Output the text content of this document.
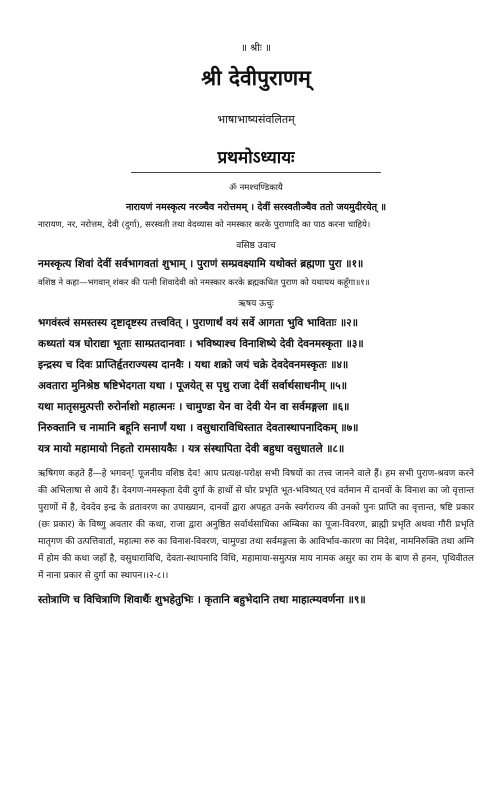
॥ श्रीः ॥
श्री देवीपुराणम्
भाषाभाष्यसंवलितम्
प्रथमोऽध्यायः
ॐ नमश्चण्डिकायै
नारायणं नमस्कृत्य नरञ्चैव नरोत्तमम् । देवीं सरस्वतीञ्चैव ततो जयमुदीरयेत् ॥
नारायण, नर, नरोत्तम, देवी (दुर्गा), सरस्वती तथा वेदव्यास को नमस्कार करके पुराणादि का पाठ करना चाहिये।
वसिष्ठ उवाच
नमस्कृत्य शिवां देवीं सर्वभागवतां शुभाम् । पुराणं सम्प्रवक्ष्यामि यथोक्तं ब्रह्मणा पुरा ॥१॥
वशिष्ठ ने कहा—भगवान् शंकर की पत्नी शिवादेवी को नमस्कार करके ब्रह्मकथित पुराण को यथायथ कहूँगा॥१॥
ऋषय ऊचुः
भगवंस्त्वं समस्तस्य दृष्टादृष्टस्य तत्त्ववित् । पुराणार्थं वयं सर्वे आगता भुवि भाविताः ॥२॥
कथ्यतां यत्र घोराद्या भूताः साम्प्रतदानवाः । भविष्याश्च विनाशिष्ये देवी देवनमस्कृता ॥३॥
इन्द्रस्य च दिवः प्राप्तिर्हृतराज्यस्य दानवैः । यथा शक्रो जयं चक्रे देवदेवनमस्कृतः ॥४॥
अवतारा मुनिश्रेष्ठ षष्टिभेदगता यथा । पूजयेत् स पृथु राजा देवीं सर्वार्थसाधनीम् ॥५॥
यथा मातृसमुत्पत्ती रुरोर्नाशो महात्मनः । चामुण्डा येन वा देवी येन वा सर्वमङ्गला ॥६॥
निरुक्तानि च नामानि बहूनि सनार्णं यथा । वसुधाराविधिस्तात देवतास्थापनादिकम् ॥७॥
यत्र मायो महामायो निहतो रामसायकैः । यत्र संस्थापिता देवी बहुधा वसुधातले ॥८॥

ऋषिगण कहते हैं—हे भगवन्! पूजनीय वशिष्ठ देव! आप प्रत्यक्ष-परोक्ष सभी विषयों का तत्त्व जानने वाले हैं। हम सभी पुराण-श्रवण करने की अभिलाषा से आये हैं। देवगण-नमस्कृता देवी दुर्गा के हाथों से घोर प्रभृति भूत-भविष्यत् एवं वर्तमान में दानवों के विनाश का जो वृत्तान्त पुराणों में है, देवदेव इन्द्र के व्रतावरण का उपाख्यान, दानवों द्वारा अपहृत उनके स्वर्गराज्य की उनको पुनः प्राप्ति का वृत्तान्त, षष्टि प्रकार (छः प्रकार) के विष्णु अवतार की कथा, राजा द्वारा अनुष्ठित सर्वार्थसाधिका अम्बिका का पूजा-विवरण, ब्राह्मी प्रभृति अथवा गौरी प्रभृति मातृगण की उत्पत्तिवार्ता, महात्मा रुरु का विनाश-विवरण, चामुण्डा तथा सर्वमङ्गला के आविर्भाव-कारण का निदेश, नामनिरुक्ति तथा अग्नि में होम की कथा जहाँ है, वसुधाराविधि, देवता-स्थापनादि विधि, महामाया-समुत्पन्न माय नामक असुर का राम के बाण से हनन, पृथिवीतल में नाना प्रकार से दुर्गा का स्थापन।।२-८।।

स्तोत्राणि च विचित्राणि शिवार्थैः शुभहेतुभिः । कृतानि बहुभेदानि तथा माहात्म्यवर्णना ॥९॥
